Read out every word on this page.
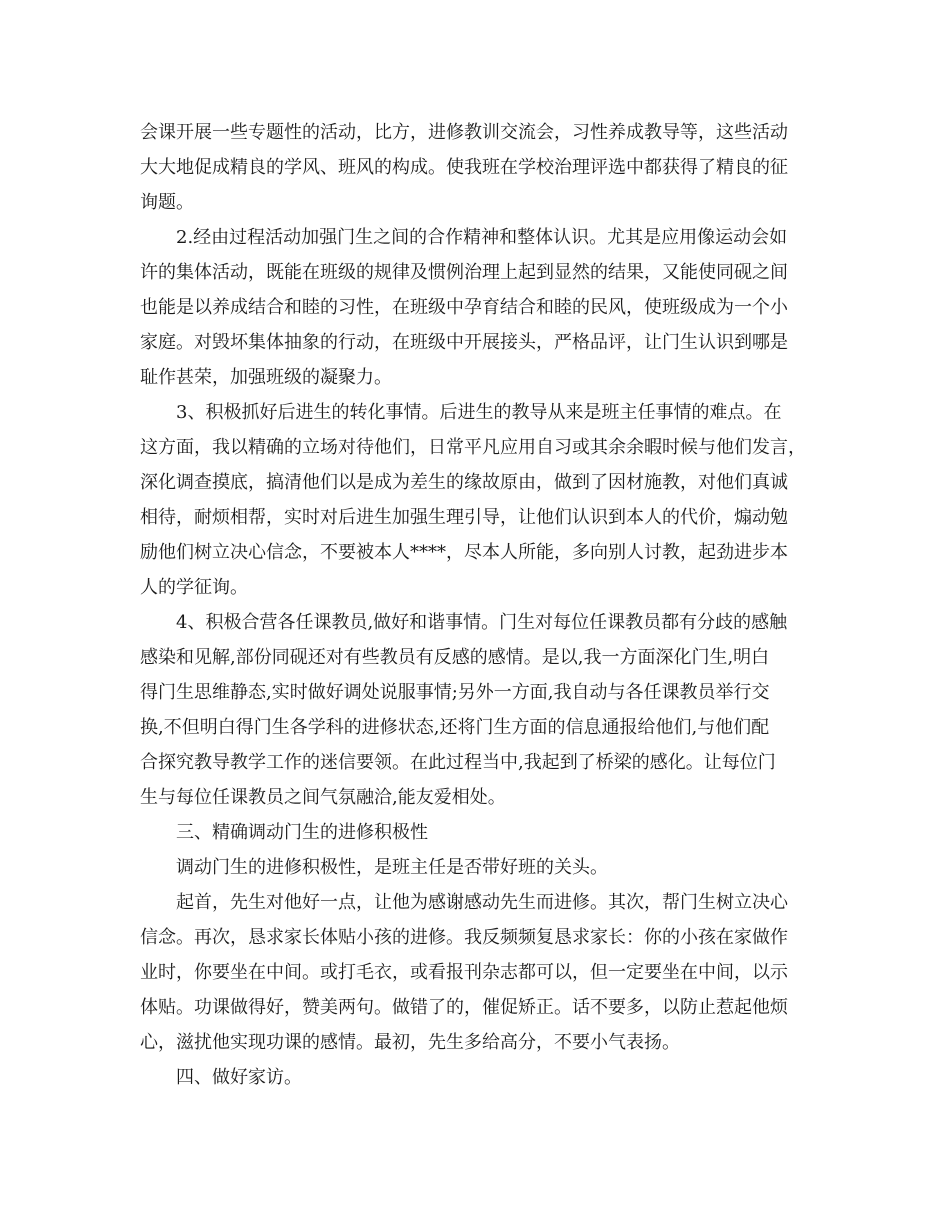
会课开展一些专题性的活动，比方，进修教训交流会，习性养成教导等，这些活动

大大地促成精良的学风、班风的构成。使我班在学校治理评选中都获得了精良的征

询题。

2.经由过程活动加强门生之间的合作精神和整体认识。尤其是应用像运动会如

许的集体活动，既能在班级的规律及惯例治理上起到显然的结果，又能使同砚之间

也能是以养成结合和睦的习性，在班级中孕育结合和睦的民风，使班级成为一个小

家庭。对毁坏集体抽象的行动，在班级中开展接头，严格品评，让门生认识到哪是

耻作甚荣，加强班级的凝聚力。

3、积极抓好后进生的转化事情。后进生的教导从来是班主任事情的难点。在

这方面，我以精确的立场对待他们，日常平凡应用自习或其余余暇时候与他们发言，

深化调查摸底，搞清他们以是成为差生的缘故原由，做到了因材施教，对他们真诚

相待，耐烦相帮，实时对后进生加强生理引导，让他们认识到本人的代价，煽动勉

励他们树立决心信念，不要被本人****，尽本人所能，多向别人讨教，起劲进步本

人的学征询。

4、积极合营各任课教员,做好和谐事情。门生对每位任课教员都有分歧的感触

感染和见解,部份同砚还对有些教员有反感的感情。是以,我一方面深化门生,明白

得门生思维静态,实时做好调处说服事情;另外一方面,我自动与各任课教员举行交

换,不但明白得门生各学科的进修状态,还将门生方面的信息通报给他们,与他们配

合探究教导教学工作的迷信要领。在此过程当中,我起到了桥梁的感化。让每位门

生与每位任课教员之间气氛融洽,能友爱相处。

三、精确调动门生的进修积极性

调动门生的进修积极性，是班主任是否带好班的关头。

起首，先生对他好一点，让他为感谢感动先生而进修。其次，帮门生树立决心

信念。再次，恳求家长体贴小孩的进修。我反频频复恳求家长：你的小孩在家做作

业时，你要坐在中间。或打毛衣，或看报刊杂志都可以，但一定要坐在中间，以示

体贴。功课做得好，赞美两句。做错了的，催促矫正。话不要多，以防止惹起他烦

心，滋扰他实现功课的感情。最初，先生多给高分，不要小气表扬。

四、做好家访。
